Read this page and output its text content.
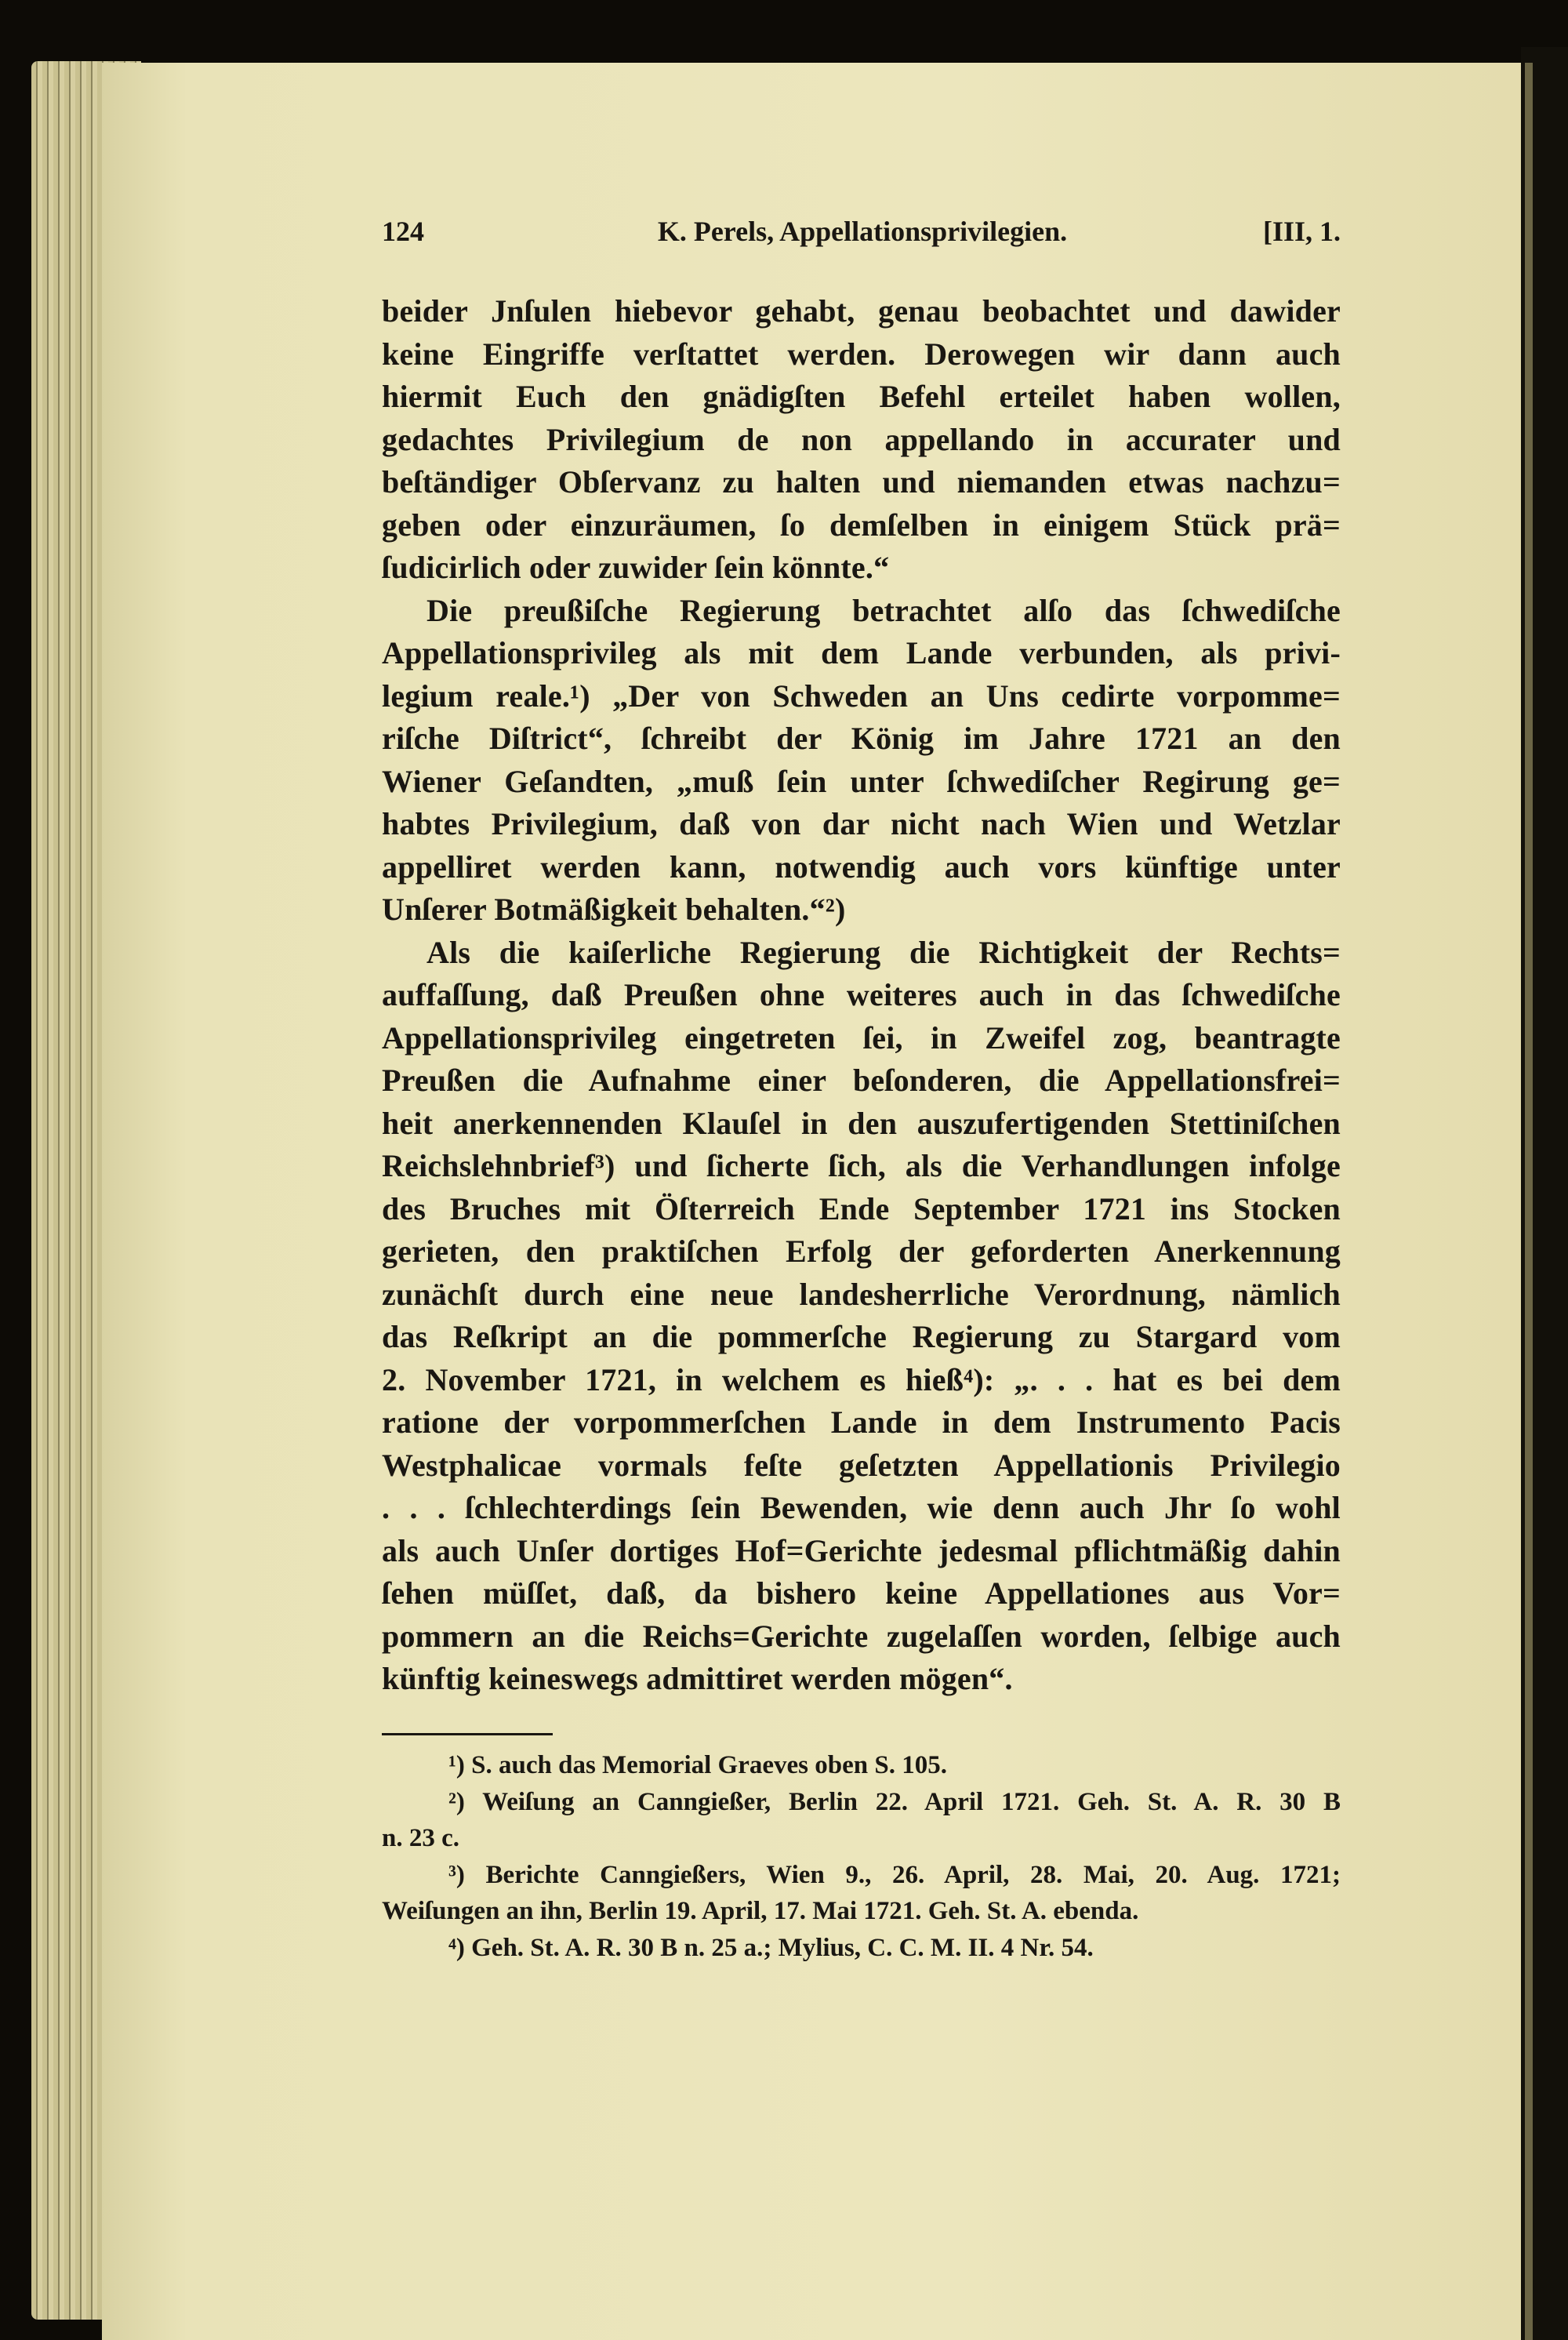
124	K. Perels, Appellationsprivilegien.	[III, 1.
beider Jnſulen hiebevor gehabt, genau beobachtet und dawider
keine Eingriffe verſtattet werden. Derowegen wir dann auch
hiermit Euch den gnädigſten Befehl erteilet haben wollen,
gedachtes Privilegium de non appellando in accurater und
beſtändiger Obſervanz zu halten und niemanden etwas nachzu=
geben oder einzuräumen, ſo demſelben in einigem Stück prä=
ſudicirlich oder zuwider ſein könnte.“
Die preußiſche Regierung betrachtet alſo das ſchwediſche
Appellationsprivileg als mit dem Lande verbunden, als privi-
legium reale.¹) „Der von Schweden an Uns cedirte vorpomme=
riſche Diſtrict“, ſchreibt der König im Jahre 1721 an den
Wiener Geſandten, „muß ſein unter ſchwediſcher Regirung ge=
habtes Privilegium, daß von dar nicht nach Wien und Wetzlar
appelliret werden kann, notwendig auch vors künftige unter
Unſerer Botmäßigkeit behalten.“²)
Als die kaiſerliche Regierung die Richtigkeit der Rechts=
auffaſſung, daß Preußen ohne weiteres auch in das ſchwediſche
Appellationsprivileg eingetreten ſei, in Zweifel zog, beantragte
Preußen die Aufnahme einer beſonderen, die Appellationsfrei=
heit anerkennenden Klauſel in den auszufertigenden Stettiniſchen
Reichslehnbrief³) und ſicherte ſich, als die Verhandlungen infolge
des Bruches mit Öſterreich Ende September 1721 ins Stocken
gerieten, den praktiſchen Erfolg der geforderten Anerkennung
zunächſt durch eine neue landesherrliche Verordnung, nämlich
das Reſkript an die pommerſche Regierung zu Stargard vom
2. November 1721, in welchem es hieß⁴): „. . . hat es bei dem
ratione der vorpommerſchen Lande in dem Instrumento Pacis
Westphalicae vormals feſte geſetzten Appellationis Privilegio
. . . ſchlechterdings ſein Bewenden, wie denn auch Jhr ſo wohl
als auch Unſer dortiges Hof=Gerichte jedesmal pflichtmäßig dahin
ſehen müſſet, daß, da bishero keine Appellationes aus Vor=
pommern an die Reichs=Gerichte zugelaſſen worden, ſelbige auch
künftig keineswegs admittiret werden mögen“.
¹) S. auch das Memorial Graeves oben S. 105.
²) Weiſung an Canngießer, Berlin 22. April 1721. Geh. St. A. R. 30 B
n. 23 c.
³) Berichte Canngießers, Wien 9., 26. April, 28. Mai, 20. Aug. 1721;
Weiſungen an ihn, Berlin 19. April, 17. Mai 1721. Geh. St. A. ebenda.
⁴) Geh. St. A. R. 30 B n. 25 a.; Mylius, C. C. M. II. 4 Nr. 54.
